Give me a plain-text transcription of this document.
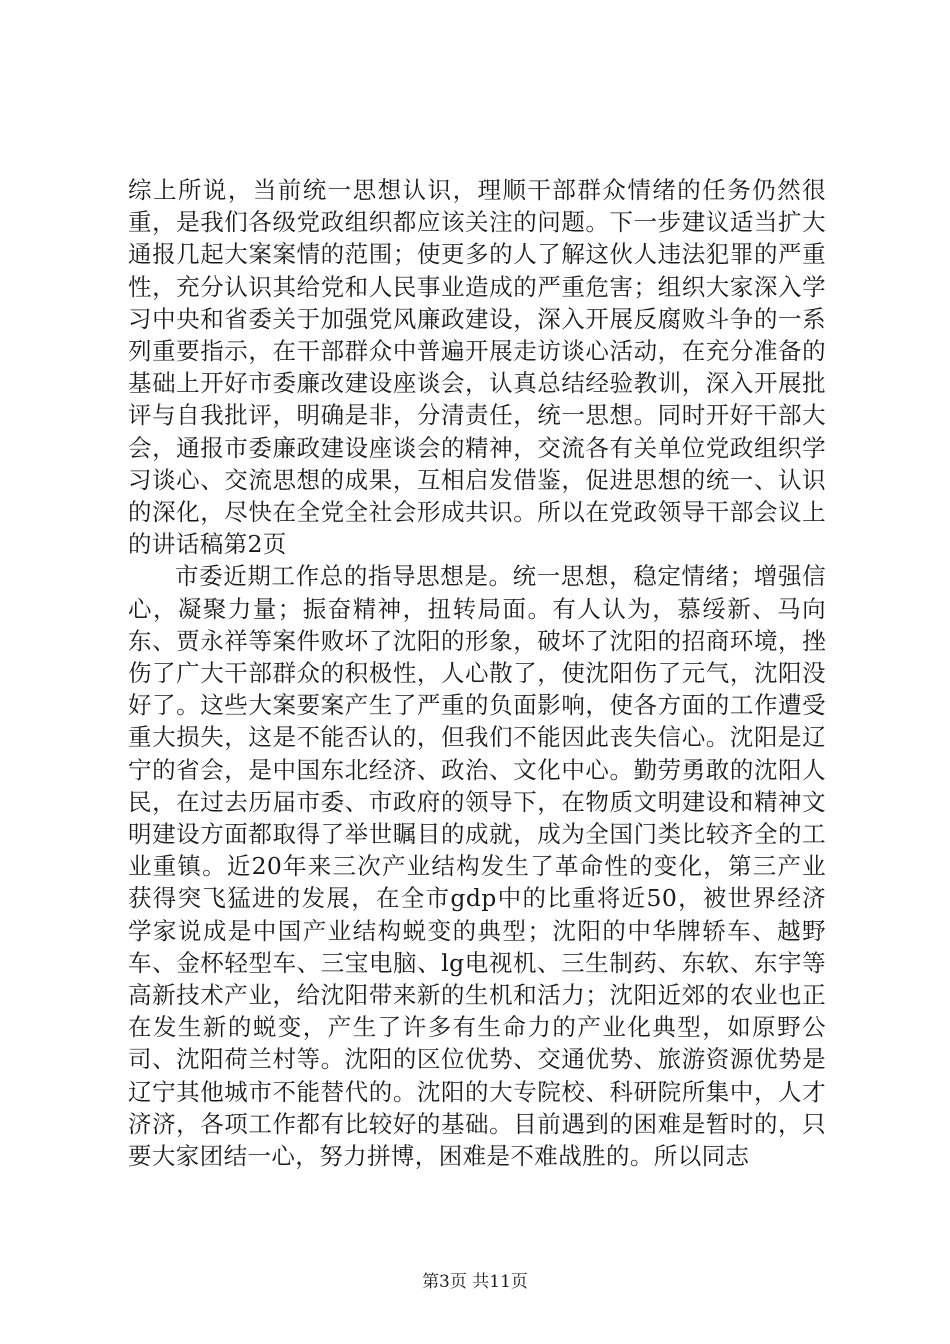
综上所说，当前统一思想认识，理顺干部群众情绪的任务仍然很重，是我们各级党政组织都应该关注的问题。下一步建议适当扩大通报几起大案案情的范围；使更多的人了解这伙人违法犯罪的严重性，充分认识其给党和人民事业造成的严重危害；组织大家深入学习中央和省委关于加强党风廉政建设，深入开展反腐败斗争的一系列重要指示，在干部群众中普遍开展走访谈心活动，在充分准备的基础上开好市委廉改建设座谈会，认真总结经验教训，深入开展批评与自我批评，明确是非，分清责任，统一思想。同时开好干部大会，通报市委廉政建设座谈会的精神，交流各有关单位党政组织学习谈心、交流思想的成果，互相启发借鉴，促进思想的统一、认识的深化，尽快在全党全社会形成共识。所以在党政领导干部会议上的讲话稿第2页

市委近期工作总的指导思想是。统一思想，稳定情绪；增强信心，凝聚力量；振奋精神，扭转局面。有人认为，慕绥新、马向东、贾永祥等案件败坏了沈阳的形象，破坏了沈阳的招商环境，挫伤了广大干部群众的积极性，人心散了，使沈阳伤了元气，沈阳没好了。这些大案要案产生了严重的负面影响，使各方面的工作遭受重大损失，这是不能否认的，但我们不能因此丧失信心。沈阳是辽宁的省会，是中国东北经济、政治、文化中心。勤劳勇敢的沈阳人民，在过去历届市委、市政府的领导下，在物质文明建设和精神文明建设方面都取得了举世瞩目的成就，成为全国门类比较齐全的工业重镇。近20年来三次产业结构发生了革命性的变化，第三产业获得突飞猛进的发展，在全市gdp中的比重将近50，被世界经济学家说成是中国产业结构蜕变的典型；沈阳的中华牌轿车、越野车、金杯轻型车、三宝电脑、lg电视机、三生制药、东软、东宇等高新技术产业，给沈阳带来新的生机和活力；沈阳近郊的农业也正在发生新的蜕变，产生了许多有生命力的产业化典型，如原野公司、沈阳荷兰村等。沈阳的区位优势、交通优势、旅游资源优势是辽宁其他城市不能替代的。沈阳的大专院校、科研院所集中，人才济济，各项工作都有比较好的基础。目前遇到的困难是暂时的，只要大家团结一心，努力拼博，困难是不难战胜的。所以同志

第3页 共11页
